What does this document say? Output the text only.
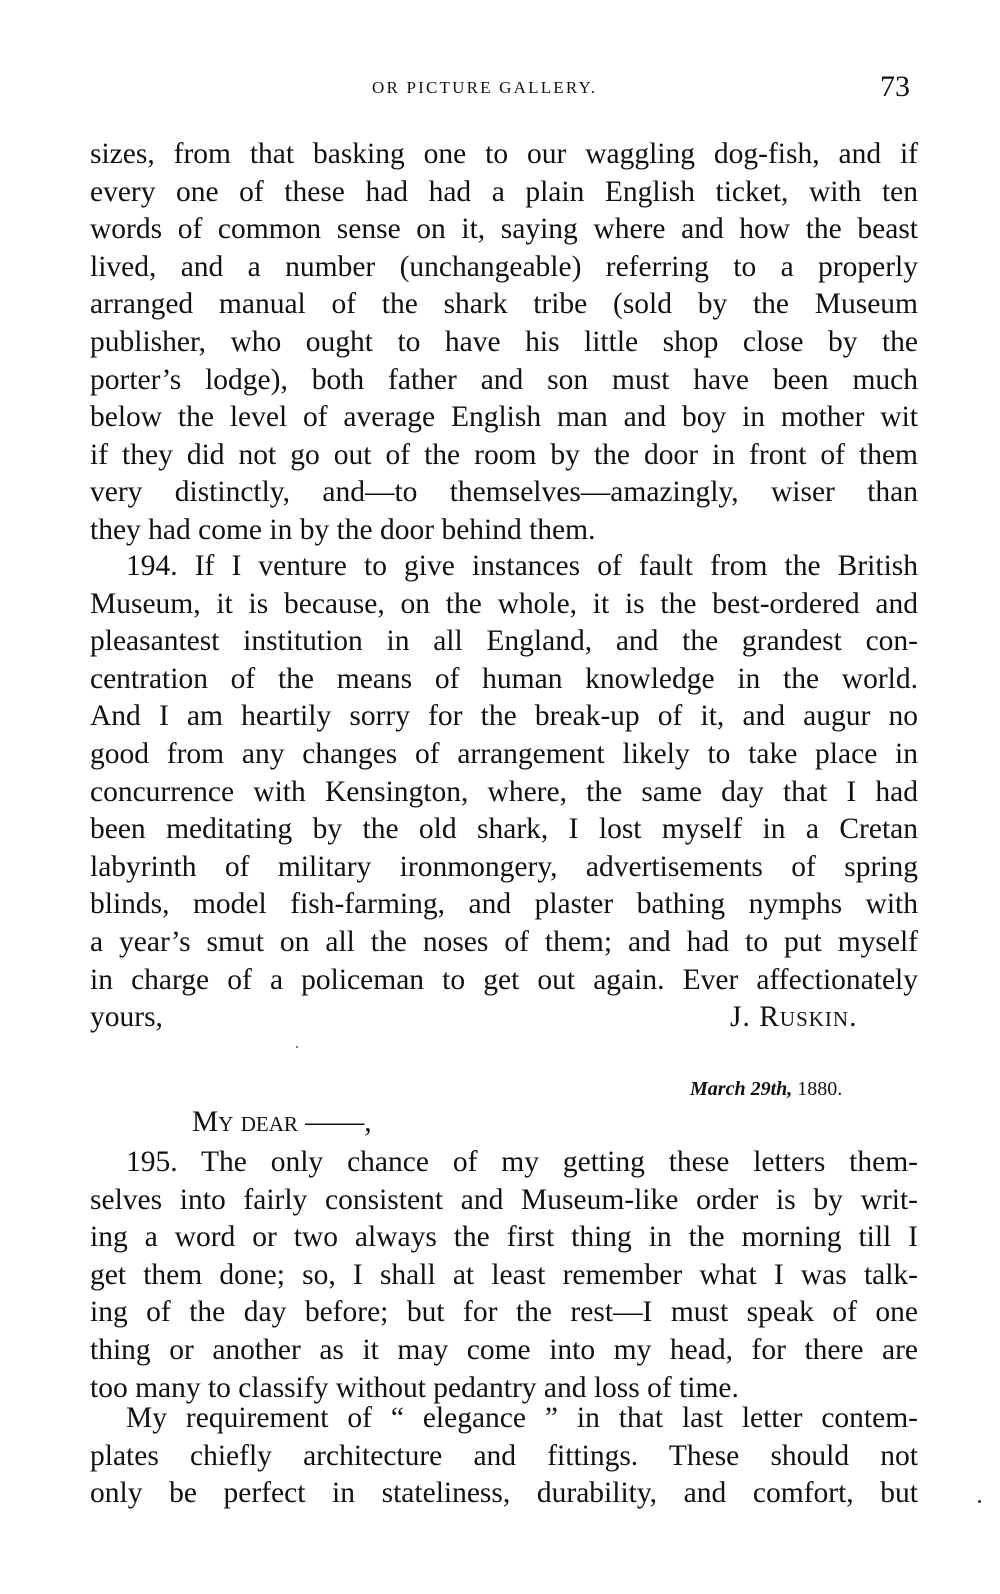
OR PICTURE GALLERY.	73
sizes, from that basking one to our waggling dog-fish, and if
every one of these had had a plain English ticket, with ten
words of common sense on it, saying where and how the beast
lived, and a number (unchangeable) referring to a properly
arranged manual of the shark tribe (sold by the Museum
publisher, who ought to have his little shop close by the
porter’s lodge), both father and son must have been much
below the level of average English man and boy in mother wit
if they did not go out of the room by the door in front of them
very distinctly, and—to themselves—amazingly, wiser than
they had come in by the door behind them.
194. If I venture to give instances of fault from the British
Museum, it is because, on the whole, it is the best-ordered and
pleasantest institution in all England, and the grandest con-
centration of the means of human knowledge in the world.
And I am heartily sorry for the break-up of it, and augur no
good from any changes of arrangement likely to take place in
concurrence with Kensington, where, the same day that I had
been meditating by the old shark, I lost myself in a Cretan
labyrinth of military ironmongery, advertisements of spring
blinds, model fish-farming, and plaster bathing nymphs with
a year’s smut on all the noses of them; and had to put myself
in charge of a policeman to get out again. Ever affectionately
yours,	J. Ruskin.
March 29th, 1880.
My dear ——,
195. The only chance of my getting these letters them-
selves into fairly consistent and Museum-like order is by writ-
ing a word or two always the first thing in the morning till I
get them done; so, I shall at least remember what I was talk-
ing of the day before; but for the rest—I must speak of one
thing or another as it may come into my head, for there are
too many to classify without pedantry and loss of time.
My requirement of “ elegance ” in that last letter contem-
plates chiefly architecture and fittings. These should not
only be perfect in stateliness, durability, and comfort, but
